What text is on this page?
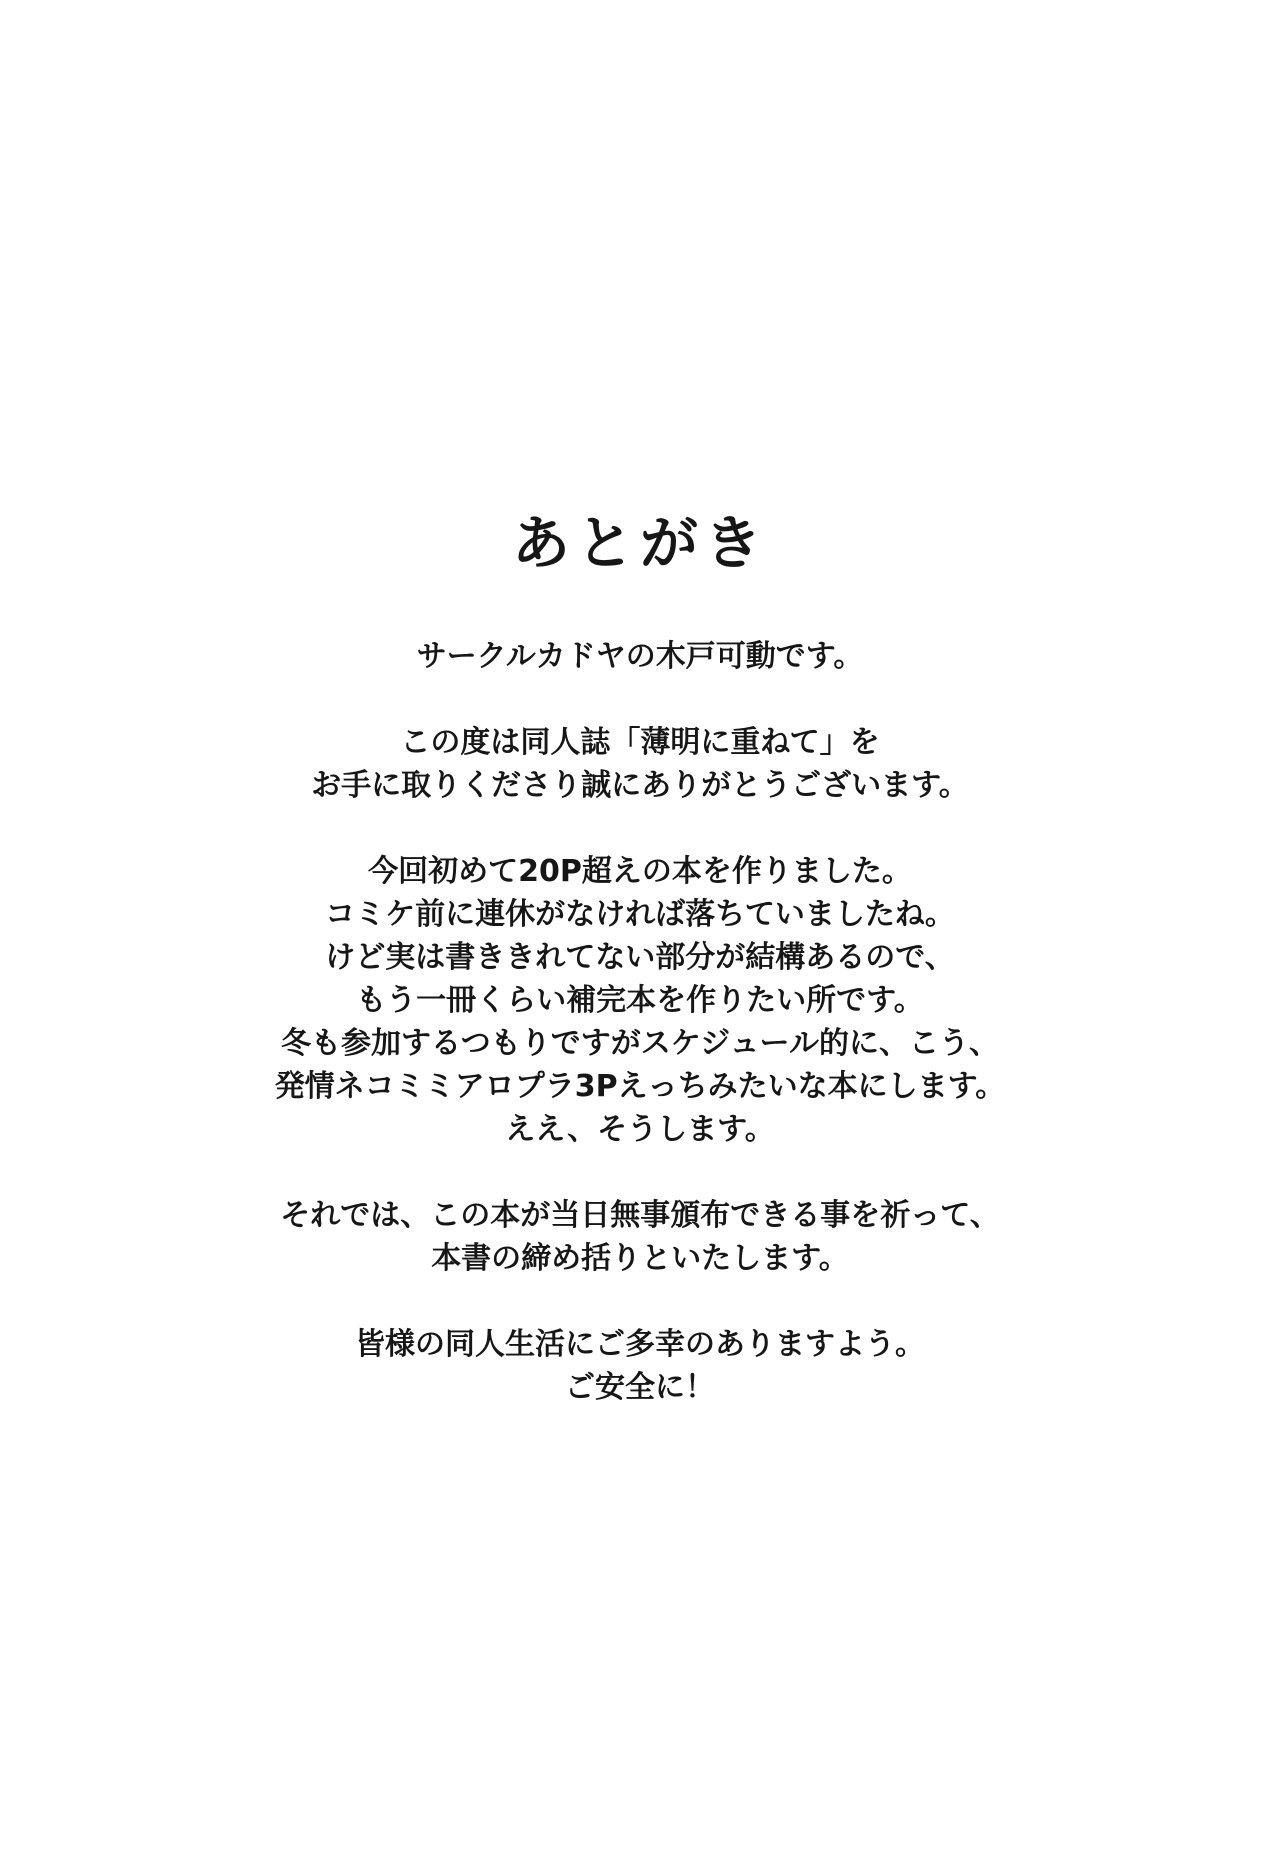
あとがき

サークルカドヤの木戸可動です。

この度は同人誌「薄明に重ねて」を
お手に取りくださり誠にありがとうございます。

今回初めて20P超えの本を作りました。
コミケ前に連休がなければ落ちていましたね。
けど実は書ききれてない部分が結構あるので、
もう一冊くらい補完本を作りたい所です。
冬も参加するつもりですがスケジュール的に、こう、
発情ネコミミアロプラ3Pえっちみたいな本にします。
ええ、そうします。

それでは、この本が当日無事頒布できる事を祈って、
本書の締め括りといたします。

皆様の同人生活にご多幸のありますよう。
ご安全に！
